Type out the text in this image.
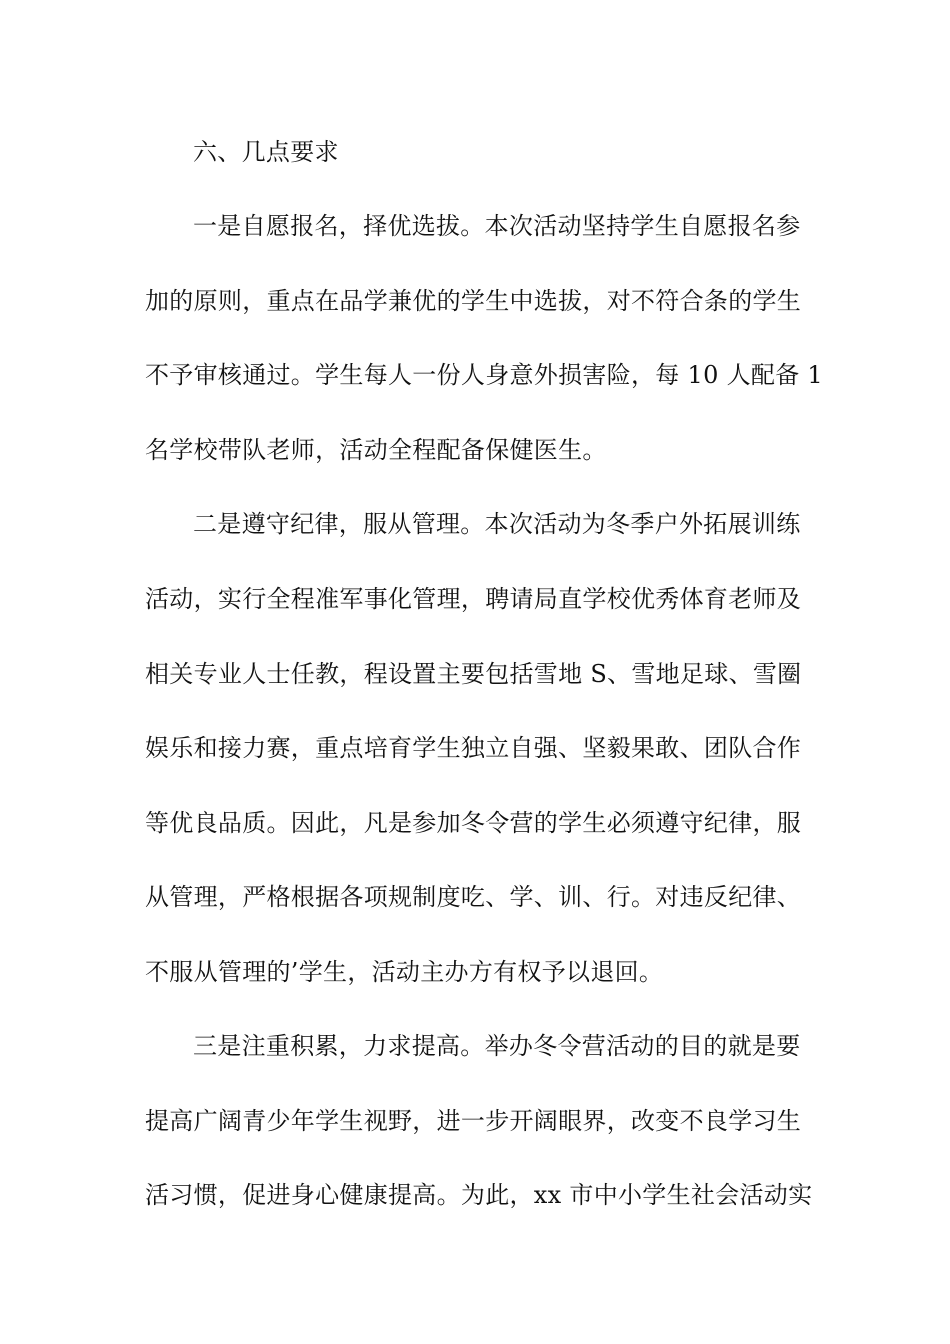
六、几点要求
一是自愿报名，择优选拔。本次活动坚持学生自愿报名参
加的原则，重点在品学兼优的学生中选拔，对不符合条的学生
不予审核通过。学生每人一份人身意外损害险，每 10 人配备 1
名学校带队老师，活动全程配备保健医生。
二是遵守纪律，服从管理。本次活动为冬季户外拓展训练
活动，实行全程准军事化管理，聘请局直学校优秀体育老师及
相关专业人士任教，程设置主要包括雪地 S、雪地足球、雪圈
娱乐和接力赛，重点培育学生独立自强、坚毅果敢、团队合作
等优良品质。因此，凡是参加冬令营的学生必须遵守纪律，服
从管理，严格根据各项规制度吃、学、训、行。对违反纪律、
不服从管理的’学生，活动主办方有权予以退回。
三是注重积累，力求提高。举办冬令营活动的目的就是要
提高广阔青少年学生视野，进一步开阔眼界，改变不良学习生
活习惯，促进身心健康提高。为此，xx 市中小学生社会活动实
